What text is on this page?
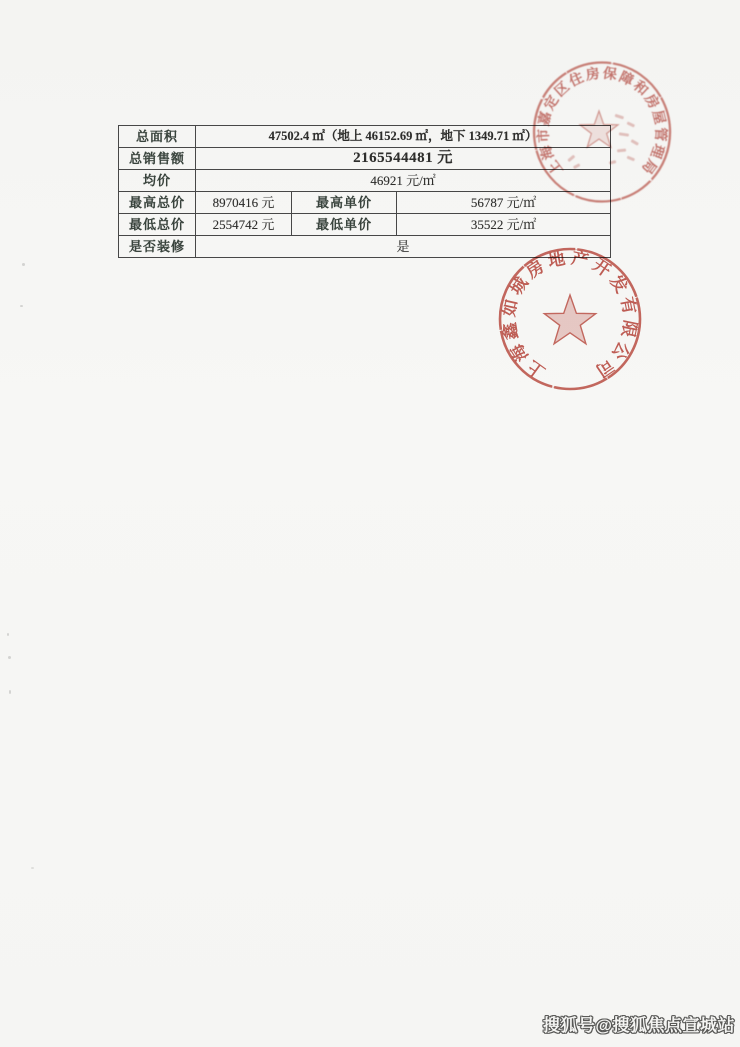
总面积	47502.4 ㎡（地上 46152.69 ㎡，地下 1349.71 ㎡）		
总销售额	2165544481 元		
均价	46921 元/㎡		
最高总价	8970416 元	最高单价	56787 元/㎡
最低总价	2554742 元	最低单价	35522 元/㎡
是否装修	是		
上海市嘉定区住房保障和房屋管理局
上海鑫如城房地产开发有限公司
搜狐号@搜狐焦点宣城站
